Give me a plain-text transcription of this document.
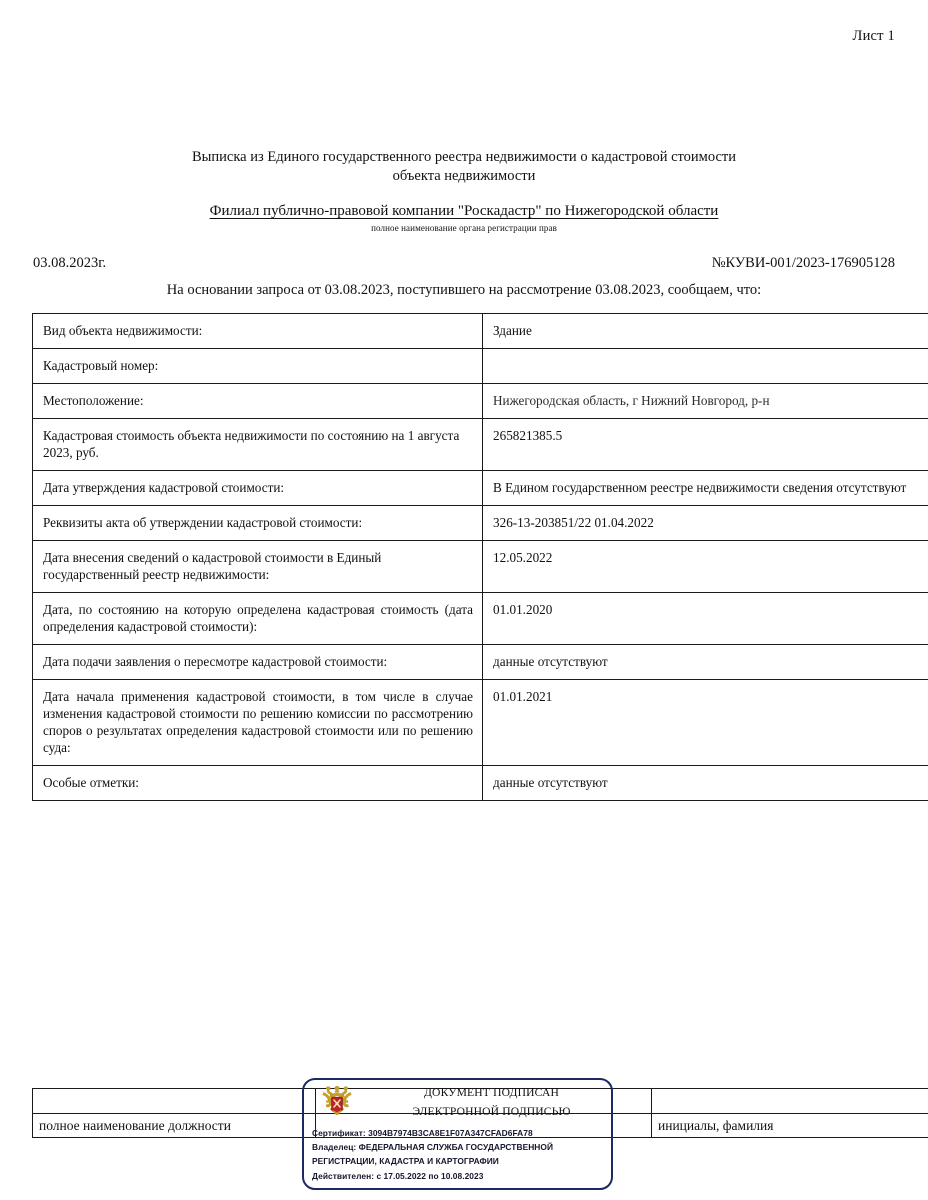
Лист 1
Выписка из Единого государственного реестра недвижимости о кадастровой стоимости
объекта недвижимости
Филиал публично-правовой компании "Роскадастр" по Нижегородской области
полное наименование органа регистрации прав
03.08.2023г.	№КУВИ-001/2023-176905128
На основании запроса от 03.08.2023, поступившего на рассмотрение 03.08.2023, сообщаем, что:
Вид объекта недвижимости:	Здание
Кадастровый номер:	
Местоположение:	Нижегородская область, г Нижний Новгород, р-н
Кадастровая стоимость объекта недвижимости по состоянию на 1 августа 2023, руб.	265821385.5
Дата утверждения кадастровой стоимости:	В Едином государственном реестре недвижимости сведения отсутствуют
Реквизиты акта об утверждении кадастровой стоимости:	326-13-203851/22 01.04.2022
Дата внесения сведений о кадастровой стоимости в Единый государственный реестр недвижимости:	12.05.2022
Дата, по состоянию на которую определена кадастровая стоимость (дата определения кадастровой стоимости):	01.01.2020
Дата подачи заявления о пересмотре кадастровой стоимости:	данные отсутствуют
Дата начала применения кадастровой стоимости, в том числе в случае изменения кадастровой стоимости по решению комиссии по рассмотрению споров о результатах определения кадастровой стоимости или по решению суда:	01.01.2021
Особые отметки:	данные отсутствуют

полное наименование должности		инициалы, фамилия
ДОКУМЕНТ ПОДПИСАН
ЭЛЕКТРОННОЙ ПОДПИСЬЮ
Сертификат: 3094B7974B3CA8E1F07A347CFAD6FA78
Владелец: ФЕДЕРАЛЬНАЯ СЛУЖБА ГОСУДАРСТВЕННОЙ
РЕГИСТРАЦИИ, КАДАСТРА И КАРТОГРАФИИ
Действителен: с 17.05.2022 по 10.08.2023
